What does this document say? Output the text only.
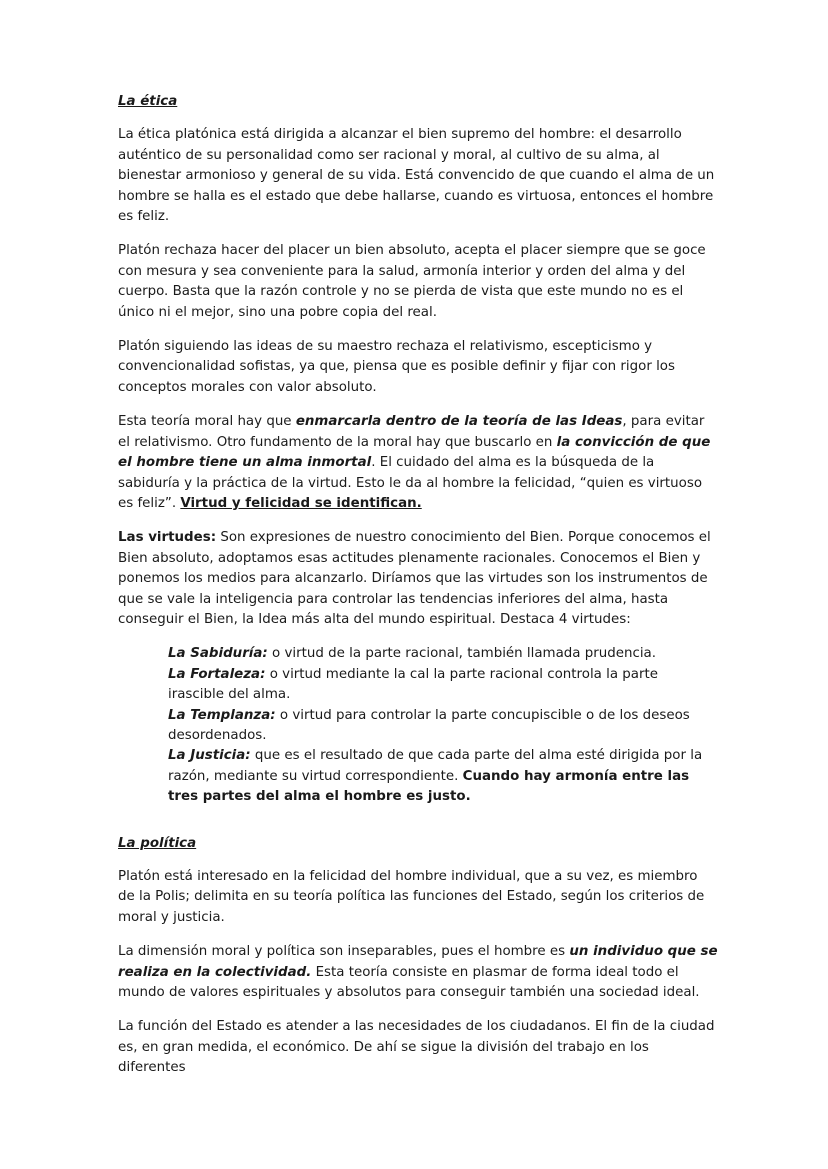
La ética

La ética platónica está dirigida a alcanzar el bien supremo del hombre: el desarrollo auténtico de su personalidad como ser racional y moral, al cultivo de su alma, al bienestar armonioso y general de su vida. Está convencido de que cuando el alma de un hombre se halla es el estado que debe hallarse, cuando es virtuosa, entonces el hombre es feliz.

Platón rechaza hacer del placer un bien absoluto, acepta el placer siempre que se goce con mesura y sea conveniente para la salud, armonía interior y orden del alma y del cuerpo. Basta que la razón controle y no se pierda de vista que este mundo no es el único ni el mejor, sino una pobre copia del real.

Platón siguiendo las ideas de su maestro rechaza el relativismo, escepticismo y convencionalidad sofistas, ya que, piensa que es posible definir y fijar con rigor los conceptos morales con valor absoluto.

Esta teoría moral hay que enmarcarla dentro de la teoría de las Ideas, para evitar el relativismo. Otro fundamento de la moral hay que buscarlo en la convicción de que el hombre tiene un alma inmortal. El cuidado del alma es la búsqueda de la sabiduría y la práctica de la virtud. Esto le da al hombre la felicidad, “quien es virtuoso es feliz”. Virtud y felicidad se identifican.

Las virtudes: Son expresiones de nuestro conocimiento del Bien. Porque conocemos el Bien absoluto, adoptamos esas actitudes plenamente racionales. Conocemos el Bien y ponemos los medios para alcanzarlo. Diríamos que las virtudes son los instrumentos de que se vale la inteligencia para controlar las tendencias inferiores del alma, hasta conseguir el Bien, la Idea más alta del mundo espiritual. Destaca 4 virtudes:

La Sabiduría: o virtud de la parte racional, también llamada prudencia.

La Fortaleza: o virtud mediante la cal la parte racional controla la parte irascible del alma.

La Templanza: o virtud para controlar la parte concupiscible o de los deseos desordenados.

La Justicia: que es el resultado de que cada parte del alma esté dirigida por la razón, mediante su virtud correspondiente. Cuando hay armonía entre las tres partes del alma el hombre es justo.

La política

Platón está interesado en la felicidad del hombre individual, que a su vez, es miembro de la Polis; delimita en su teoría política las funciones del Estado, según los criterios de moral y justicia.

La dimensión moral y política son inseparables, pues el hombre es un individuo que se realiza en la colectividad. Esta teoría consiste en plasmar de forma ideal todo el mundo de valores espirituales y absolutos para conseguir también una sociedad ideal.

La función del Estado es atender a las necesidades de los ciudadanos. El fin de la ciudad es, en gran medida, el económico. De ahí se sigue la división del trabajo en los diferentes
